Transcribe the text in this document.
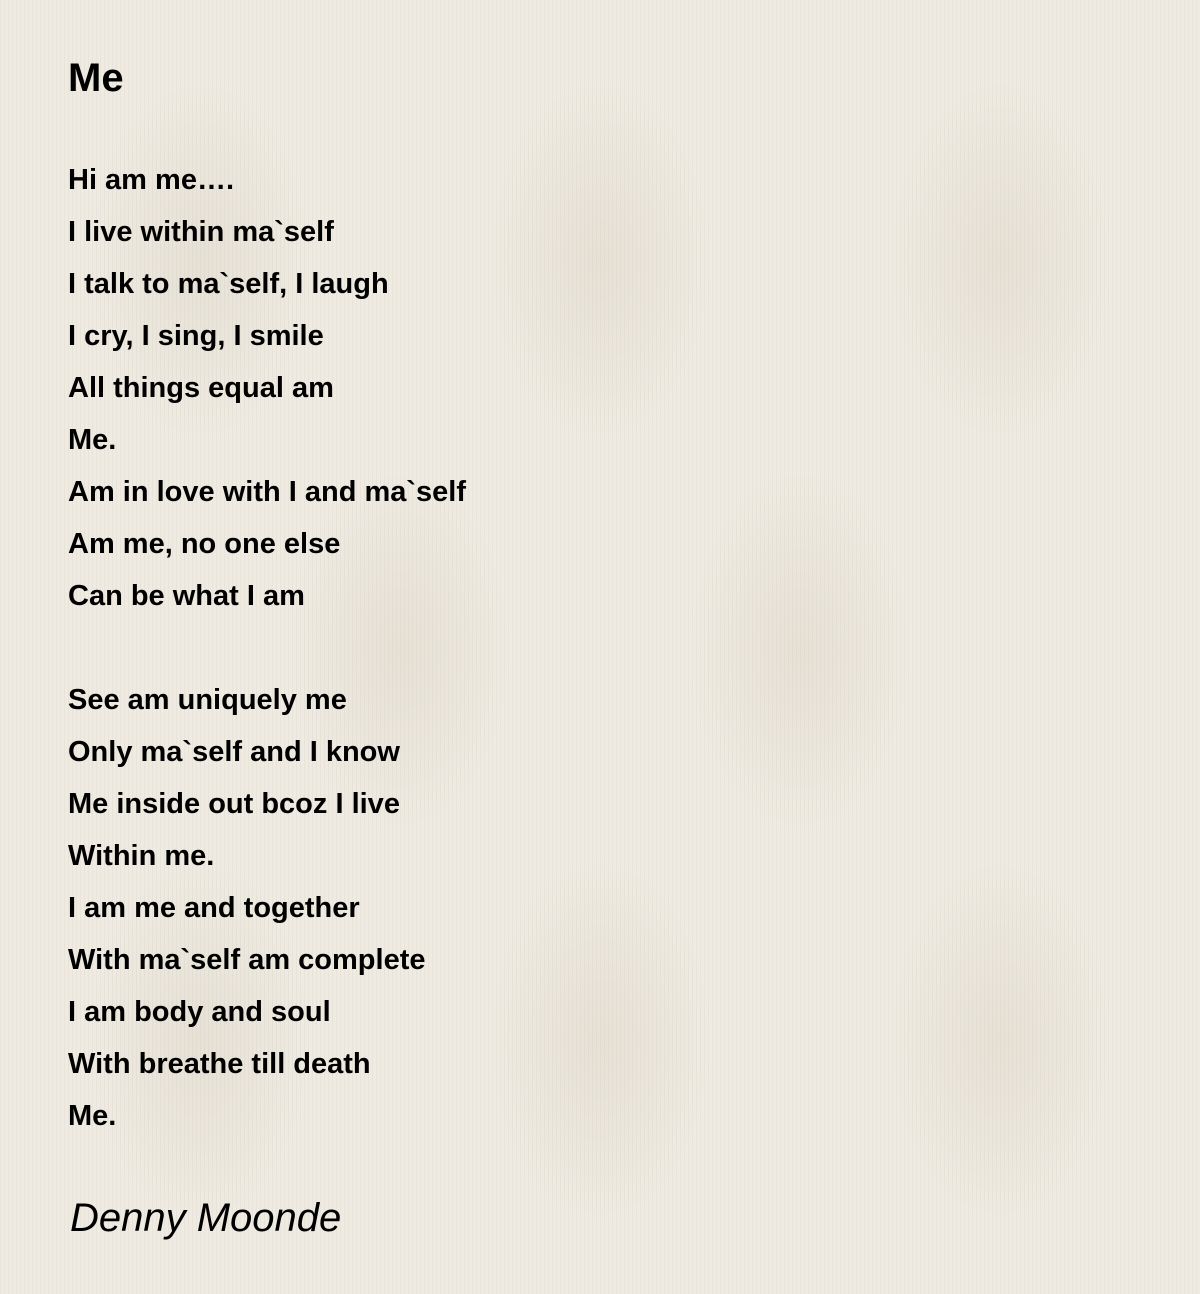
Me
Hi am me….
I live within ma`self
I talk to ma`self, I laugh
I cry, I sing, I smile
All things equal am
Me.
Am in love with I and ma`self
Am me, no one else
Can be what I am
See am uniquely me
Only ma`self and I know
Me inside out bcoz I live
Within me.
I am me and together
With ma`self am complete
I am body and soul
With breathe till death
Me.

Denny Moonde
